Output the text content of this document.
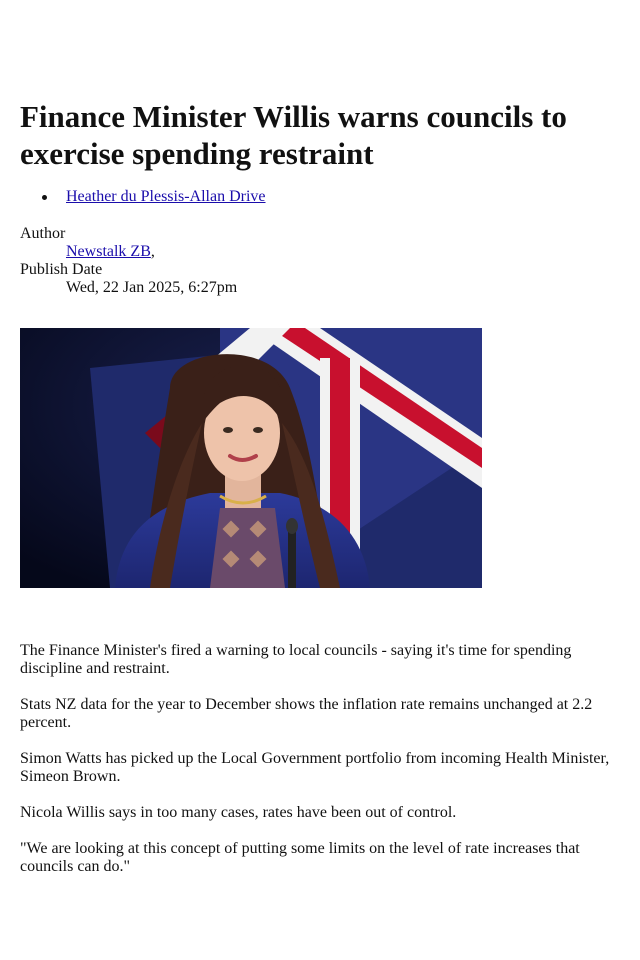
Finance Minister Willis warns councils to exercise spending restraint
Heather du Plessis-Allan Drive
Author
Newstalk ZB,
Publish Date
Wed, 22 Jan 2025, 6:27pm

The Finance Minister's fired a warning to local councils - saying it's time for spending discipline and restraint.

Stats NZ data for the year to December shows the inflation rate remains unchanged at 2.2 percent.

Simon Watts has picked up the Local Government portfolio from incoming Health Minister, Simeon Brown.

Nicola Willis says in too many cases, rates have been out of control.

"We are looking at this concept of putting some limits on the level of rate increases that councils can do."
